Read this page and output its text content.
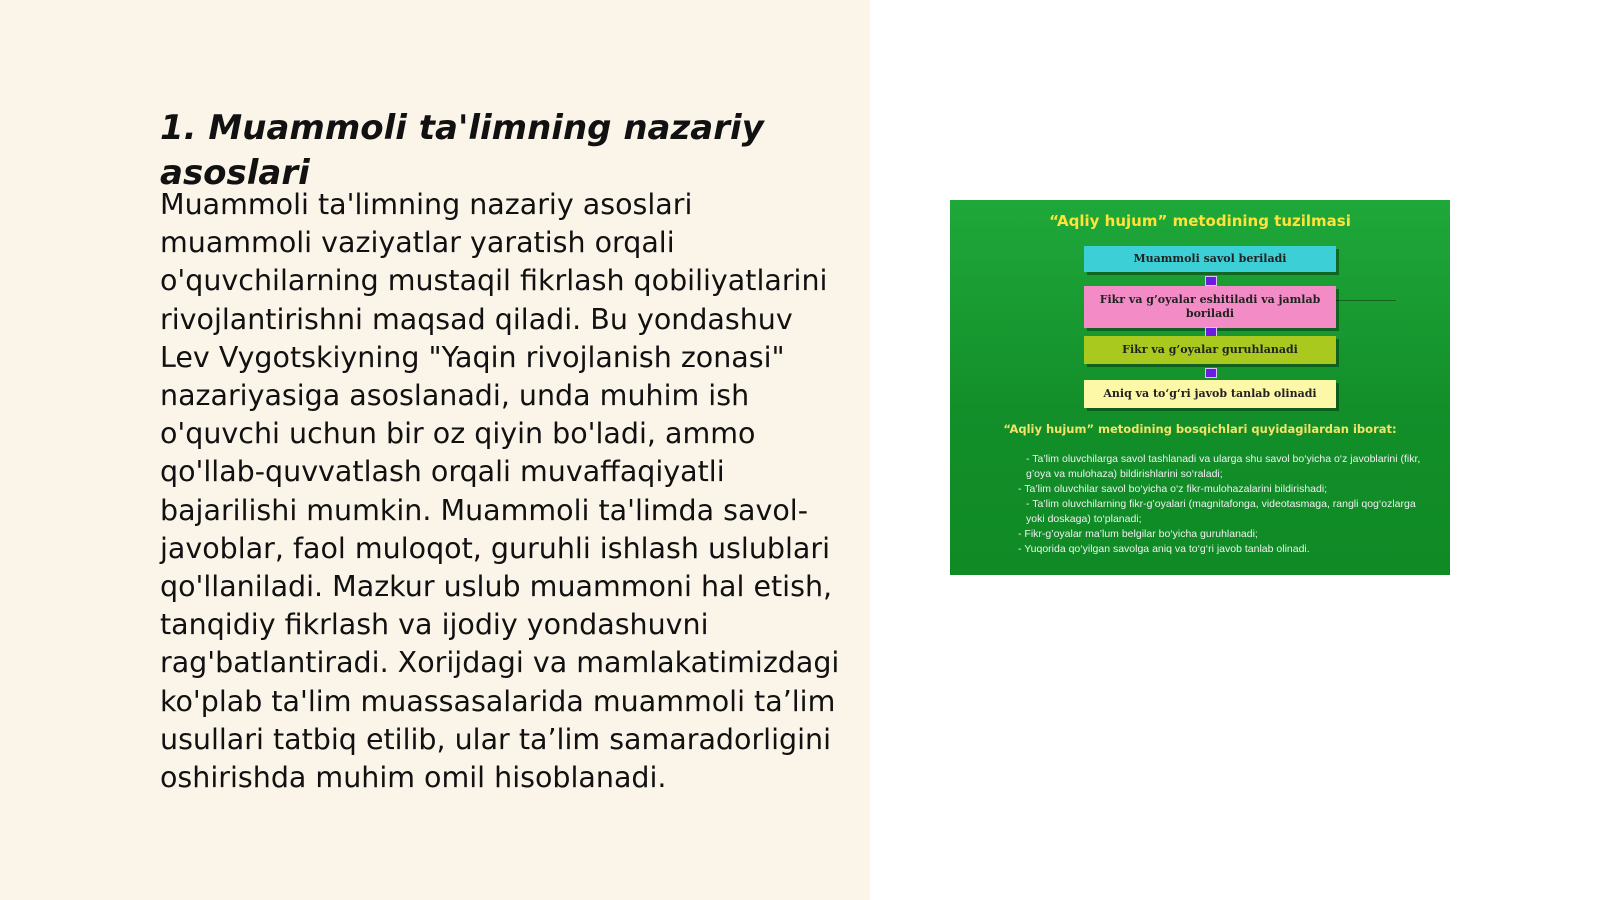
1. Muammoli ta'limning nazariy asoslari

Muammoli ta'limning nazariy asoslari muammoli vaziyatlar yaratish orqali o'quvchilarning mustaqil fikrlash qobiliyatlarini rivojlantirishni maqsad qiladi. Bu yondashuv Lev Vygotskiyning "Yaqin rivojlanish zonasi" nazariyasiga asoslanadi, unda muhim ish o'quvchi uchun bir oz qiyin bo'ladi, ammo qo'llab-quvvatlash orqali muvaffaqiyatli bajarilishi mumkin. Muammoli ta'limda savol-javoblar, faol muloqot, guruhli ishlash uslublari qo'llaniladi. Mazkur uslub muammoni hal etish, tanqidiy fikrlash va ijodiy yondashuvni rag'batlantiradi. Xorijdagi va mamlakatimizdagi ko'plab ta'lim muassasalarida muammoli ta’lim usullari tatbiq etilib, ular ta’lim samaradorligini oshirishda muhim omil hisoblanadi.

“Aqliy hujum” metodining tuzilmasi
Muammoli savol beriladi
Fikr va g’oyalar eshitiladi va jamlab boriladi
Fikr va g’oyalar guruhlanadi
Aniq va to‘g‘ri javob tanlab olinadi
“Aqliy hujum” metodining bosqichlari quyidagilardan iborat:
- Ta’lim oluvchilarga savol tashlanadi va ularga shu savol bo‘yicha o‘z javoblarini (fikr, g’oya va mulohaza) bildirishlarini so‘raladi;
- Ta’lim oluvchilar savol bo‘yicha o‘z fikr-mulohazalarini bildirishadi;
- Ta’lim oluvchilarning fikr-g’oyalari (magnitafonga, videotasmaga, rangli qog‘ozlarga yoki doskaga) to‘planadi;
- Fikr-g’oyalar ma’lum belgilar bo‘yicha guruhlanadi;
- Yuqorida qo‘yilgan savolga aniq va to‘g‘ri javob tanlab olinadi.
